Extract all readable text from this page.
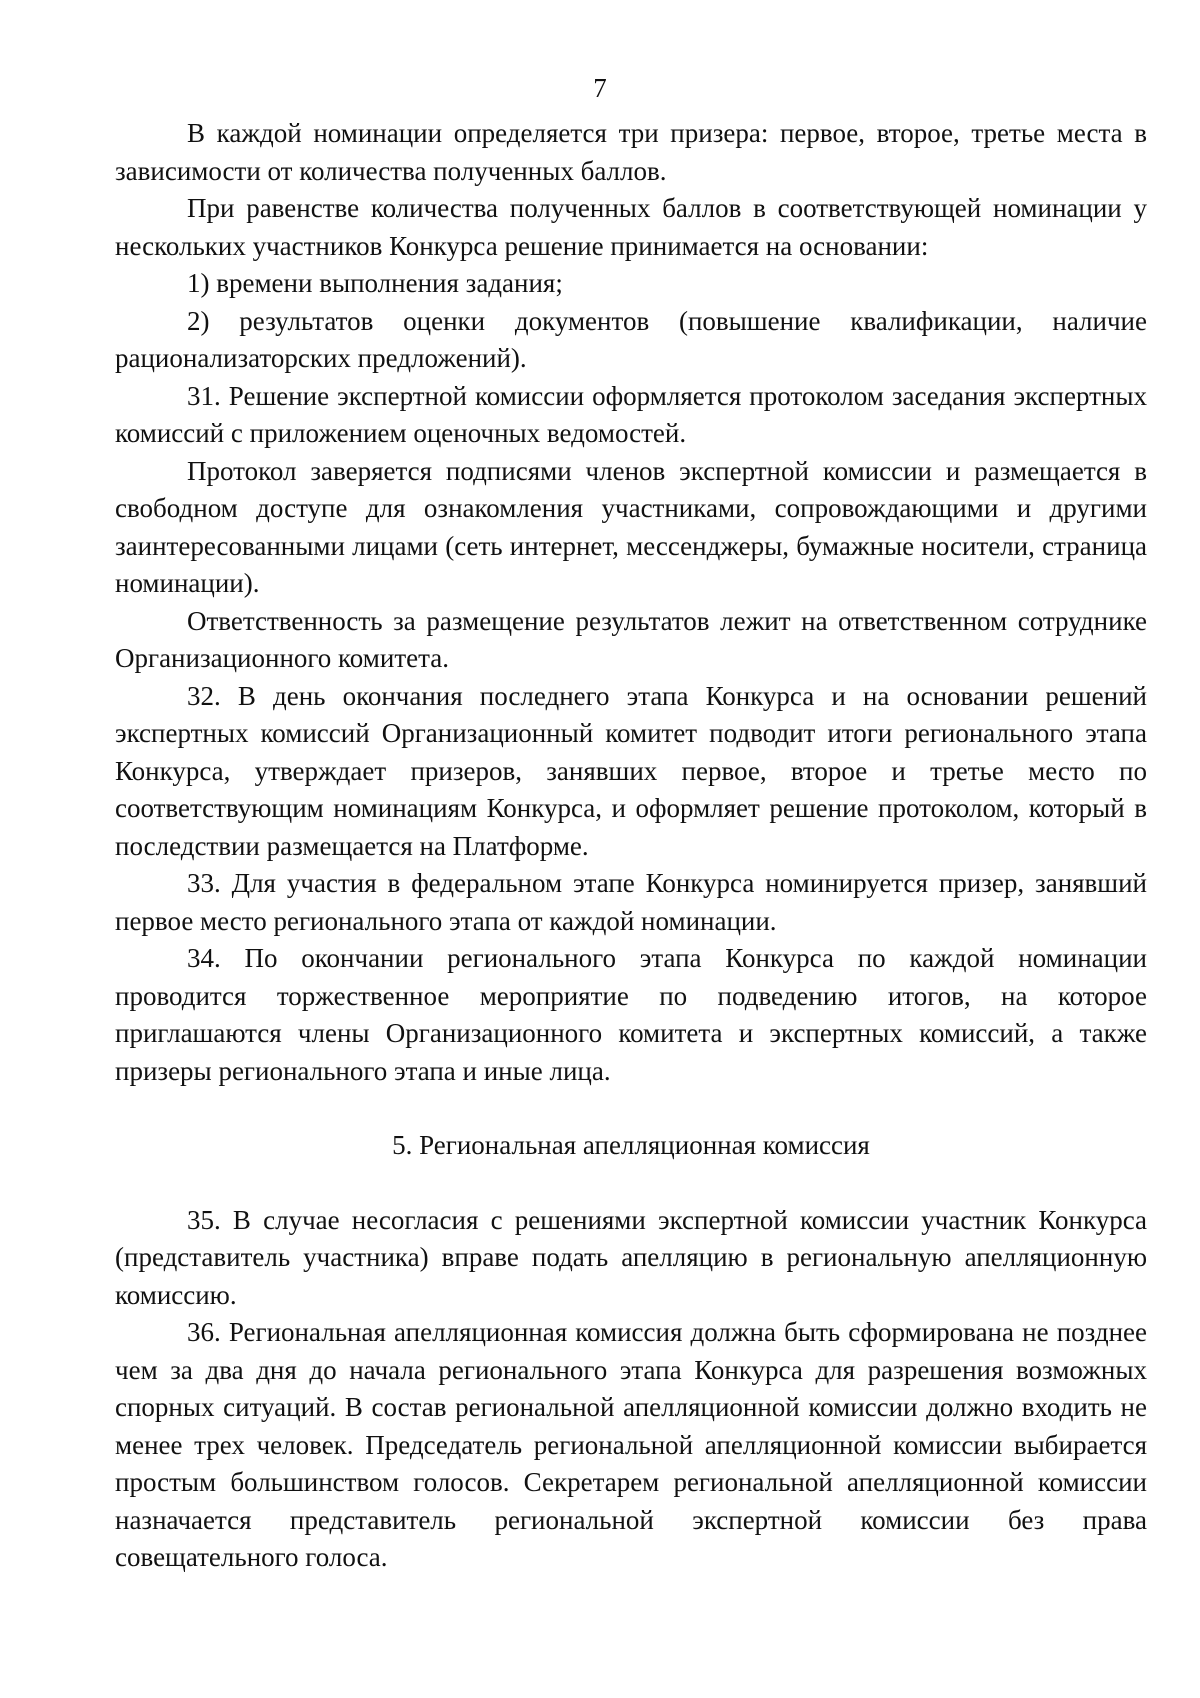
7

В каждой номинации определяется три призера: первое, второе, третье места в зависимости от количества полученных баллов.

При равенстве количества полученных баллов в соответствующей номинации у нескольких участников Конкурса решение принимается на основании:

1) времени выполнения задания;

2) результатов оценки документов (повышение квалификации, наличие рационализаторских предложений).

31. Решение экспертной комиссии оформляется протоколом заседания экспертных комиссий с приложением оценочных ведомостей.

Протокол заверяется подписями членов экспертной комиссии и размещается в свободном доступе для ознакомления участниками, сопровождающими и другими заинтересованными лицами (сеть интернет, мессенджеры, бумажные носители, страница номинации).

Ответственность за размещение результатов лежит на ответственном сотруднике Организационного комитета.

32. В день окончания последнего этапа Конкурса и на основании решений экспертных комиссий Организационный комитет подводит итоги регионального этапа Конкурса, утверждает призеров, занявших первое, второе и третье место по соответствующим номинациям Конкурса, и оформляет решение протоколом, который в последствии размещается на Платформе.

33. Для участия в федеральном этапе Конкурса номинируется призер, занявший первое место регионального этапа от каждой номинации.

34. По окончании регионального этапа Конкурса по каждой номинации проводится торжественное мероприятие по подведению итогов, на которое приглашаются члены Организационного комитета и экспертных комиссий, а также призеры регионального этапа и иные лица.

5. Региональная апелляционная комиссия

35. В случае несогласия с решениями экспертной комиссии участник Конкурса (представитель участника) вправе подать апелляцию в региональную апелляционную комиссию.

36. Региональная апелляционная комиссия должна быть сформирована не позднее чем за два дня до начала регионального этапа Конкурса для разрешения возможных спорных ситуаций. В состав региональной апелляционной комиссии должно входить не менее трех человек. Председатель региональной апелляционной комиссии выбирается простым большинством голосов. Секретарем региональной апелляционной комиссии назначается представитель региональной экспертной комиссии без права совещательного голоса.
